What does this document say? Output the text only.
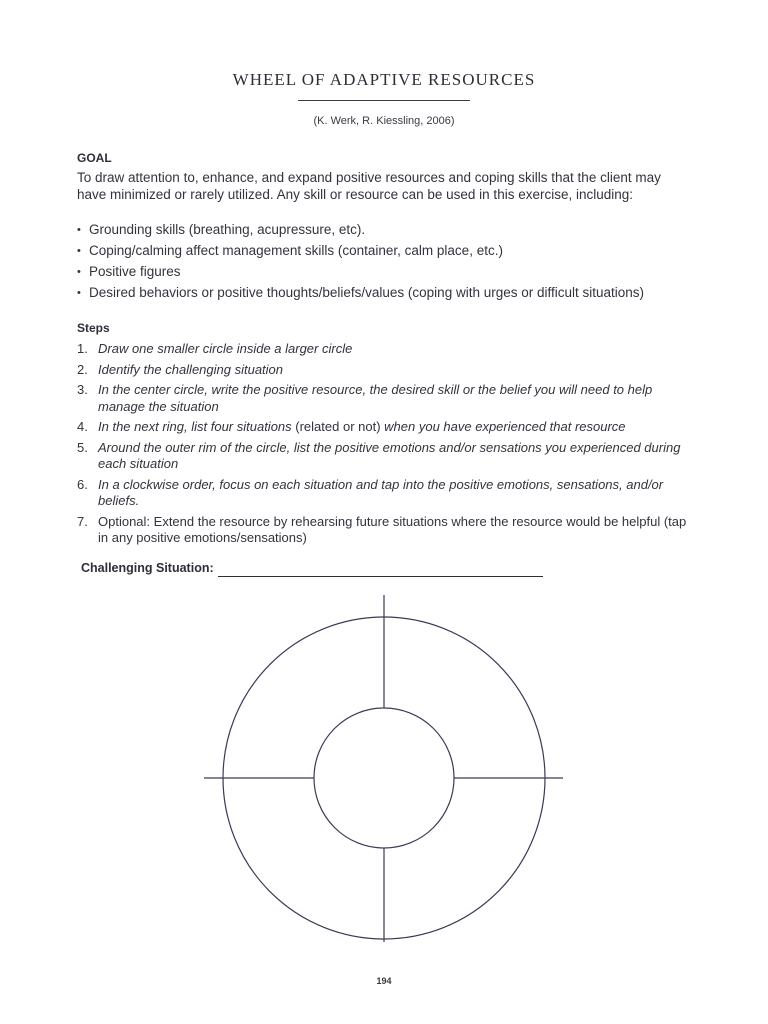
WHEEL OF ADAPTIVE RESOURCES
(K. Werk, R. Kiessling, 2006)
GOAL
To draw attention to, enhance, and expand positive resources and coping skills that the client may have minimized or rarely utilized. Any skill or resource can be used in this exercise, including:
• Grounding skills (breathing, acupressure, etc).
• Coping/calming affect management skills (container, calm place, etc.)
• Positive figures
• Desired behaviors or positive thoughts/beliefs/values (coping with urges or difficult situations)
Steps
1. Draw one smaller circle inside a larger circle
2. Identify the challenging situation
3. In the center circle, write the positive resource, the desired skill or the belief you will need to help manage the situation
4. In the next ring, list four situations (related or not) when you have experienced that resource
5. Around the outer rim of the circle, list the positive emotions and/or sensations you experienced during each situation
6. In a clockwise order, focus on each situation and tap into the positive emotions, sensations, and/or beliefs.
7. Optional: Extend the resource by rehearsing future situations where the resource would be helpful (tap in any positive emotions/sensations)
Challenging Situation:
194
